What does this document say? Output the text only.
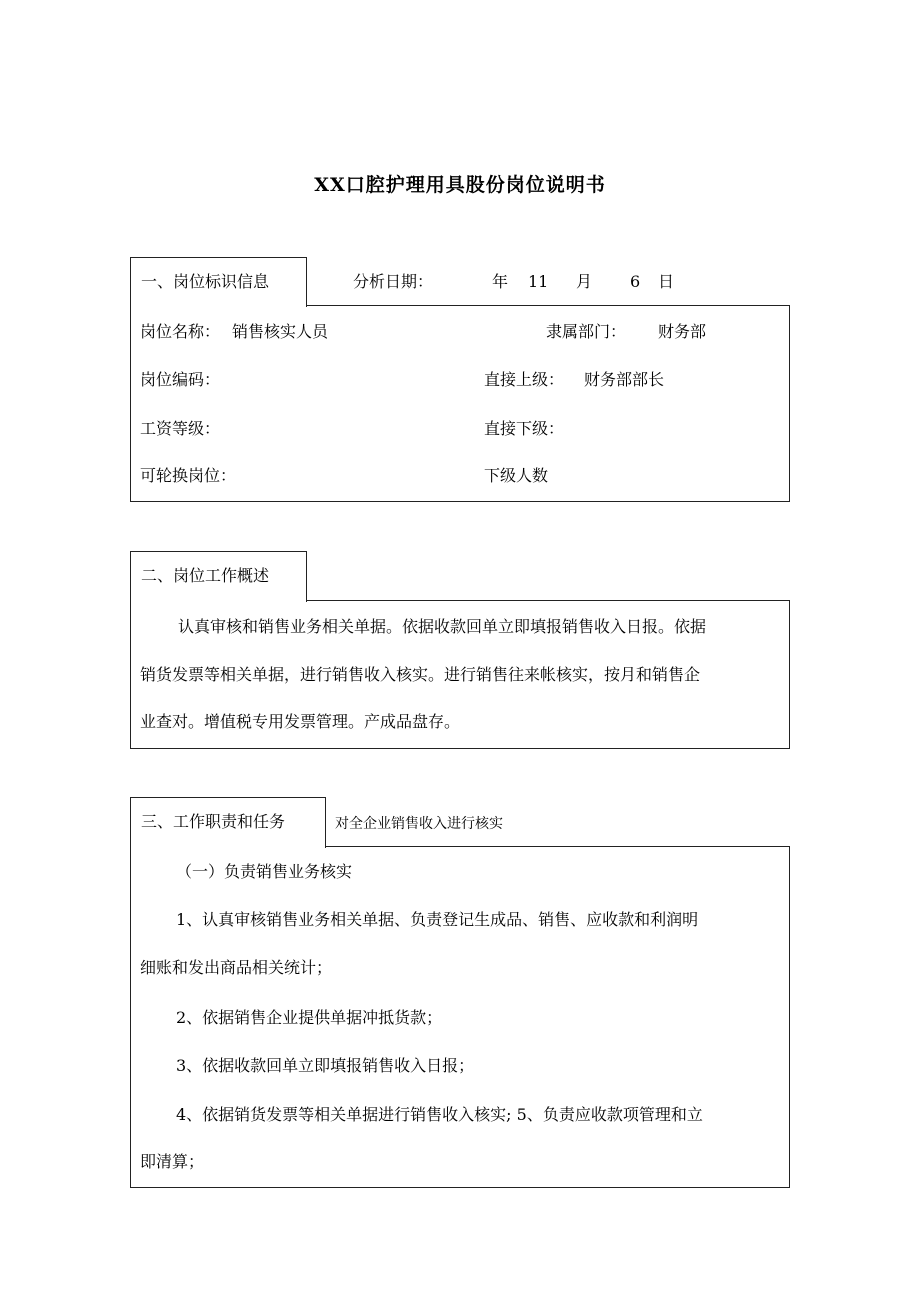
XX口腔护理用具股份岗位说明书
一、岗位标识信息	分析日期：	年 11 月 6 日
岗位名称： 销售核实人员	隶属部门： 财务部
岗位编码：	直接上级： 财务部部长
工资等级：	直接下级：
可轮换岗位：	下级人数
二、岗位工作概述
认真审核和销售业务相关单据。依据收款回单立即填报销售收入日报。依据
销货发票等相关单据，进行销售收入核实。进行销售往来帐核实，按月和销售企
业查对。增值税专用发票管理。产成品盘存。
三、工作职责和任务	对全企业销售收入进行核实
（一）负责销售业务核实
1、认真审核销售业务相关单据、负责登记生成品、销售、应收款和利润明
细账和发出商品相关统计；
2、依据销售企业提供单据冲抵货款；
3、依据收款回单立即填报销售收入日报；
4、依据销货发票等相关单据进行销售收入核实; 5、负责应收款项管理和立
即清算；
